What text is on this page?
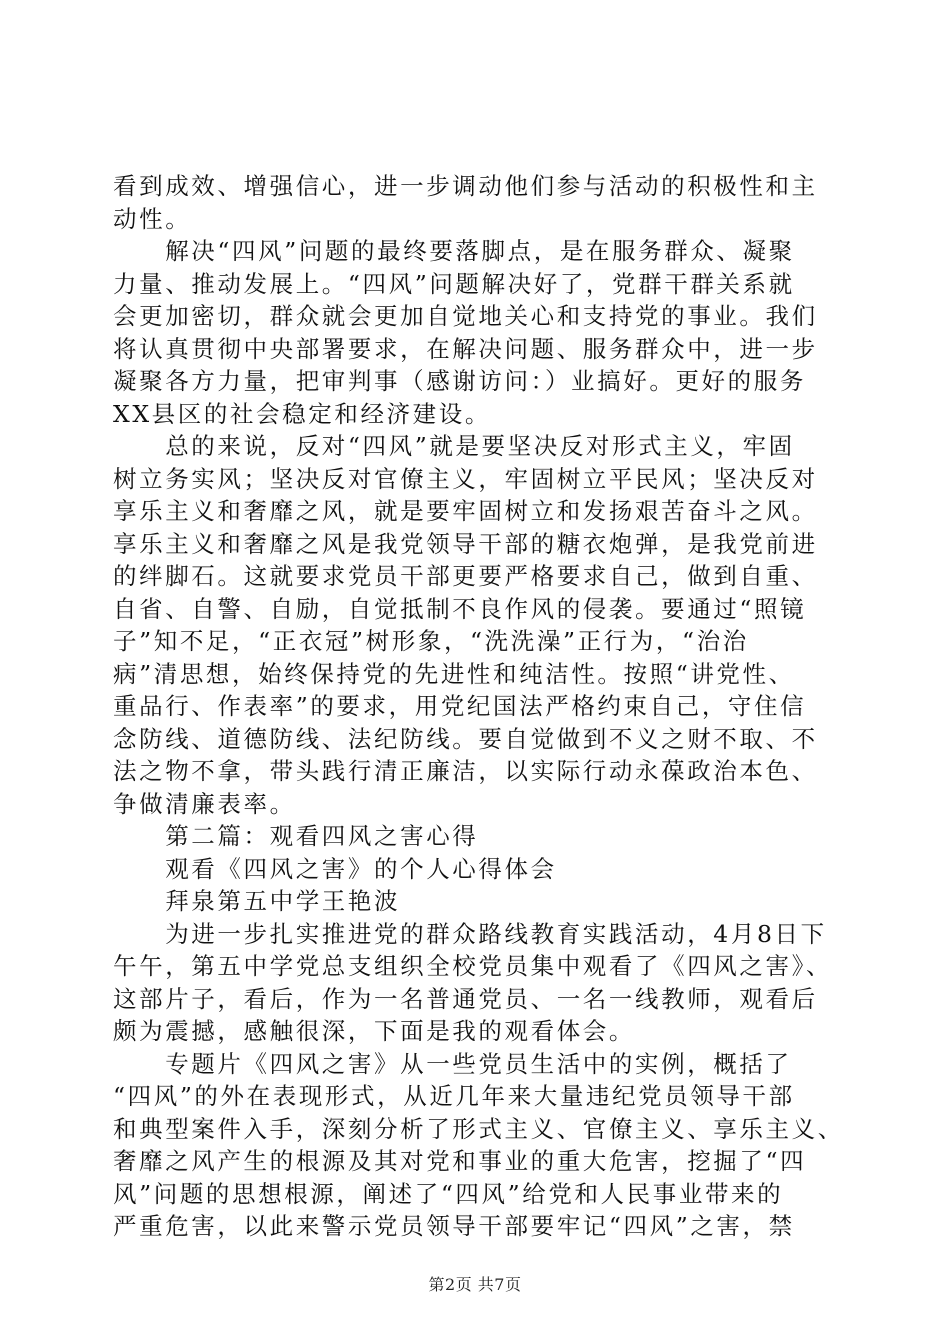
看到成效、增强信心，进一步调动他们参与活动的积极性和主
动性。
　　解决“四风”问题的最终要落脚点，是在服务群众、凝聚
力量、推动发展上。“四风”问题解决好了，党群干群关系就
会更加密切，群众就会更加自觉地关心和支持党的事业。我们
将认真贯彻中央部署要求，在解决问题、服务群众中，进一步
凝聚各方力量，把审判事（感谢访问：）业搞好。更好的服务
XX县区的社会稳定和经济建设。
　　总的来说，反对“四风”就是要坚决反对形式主义，牢固
树立务实风；坚决反对官僚主义，牢固树立平民风；坚决反对
享乐主义和奢靡之风，就是要牢固树立和发扬艰苦奋斗之风。
享乐主义和奢靡之风是我党领导干部的糖衣炮弹，是我党前进
的绊脚石。这就要求党员干部更要严格要求自己，做到自重、
自省、自警、自励，自觉抵制不良作风的侵袭。要通过“照镜
子”知不足，“正衣冠”树形象，“洗洗澡”正行为，“治治
病”清思想，始终保持党的先进性和纯洁性。按照“讲党性、
重品行、作表率”的要求，用党纪国法严格约束自己，守住信
念防线、道德防线、法纪防线。要自觉做到不义之财不取、不
法之物不拿，带头践行清正廉洁，以实际行动永葆政治本色、
争做清廉表率。
　　第二篇：观看四风之害心得
　　观看《四风之害》的个人心得体会
　　拜泉第五中学王艳波
　　为进一步扎实推进党的群众路线教育实践活动，4月8日下
午午，第五中学党总支组织全校党员集中观看了《四风之害》、
这部片子，看后，作为一名普通党员、一名一线教师，观看后
颇为震撼，感触很深，下面是我的观看体会。
　　专题片《四风之害》从一些党员生活中的实例，概括了
“四风”的外在表现形式，从近几年来大量违纪党员领导干部
和典型案件入手，深刻分析了形式主义、官僚主义、享乐主义、
奢靡之风产生的根源及其对党和事业的重大危害，挖掘了“四
风”问题的思想根源，阐述了“四风”给党和人民事业带来的
严重危害，以此来警示党员领导干部要牢记“四风”之害，禁
第2页 共7页
